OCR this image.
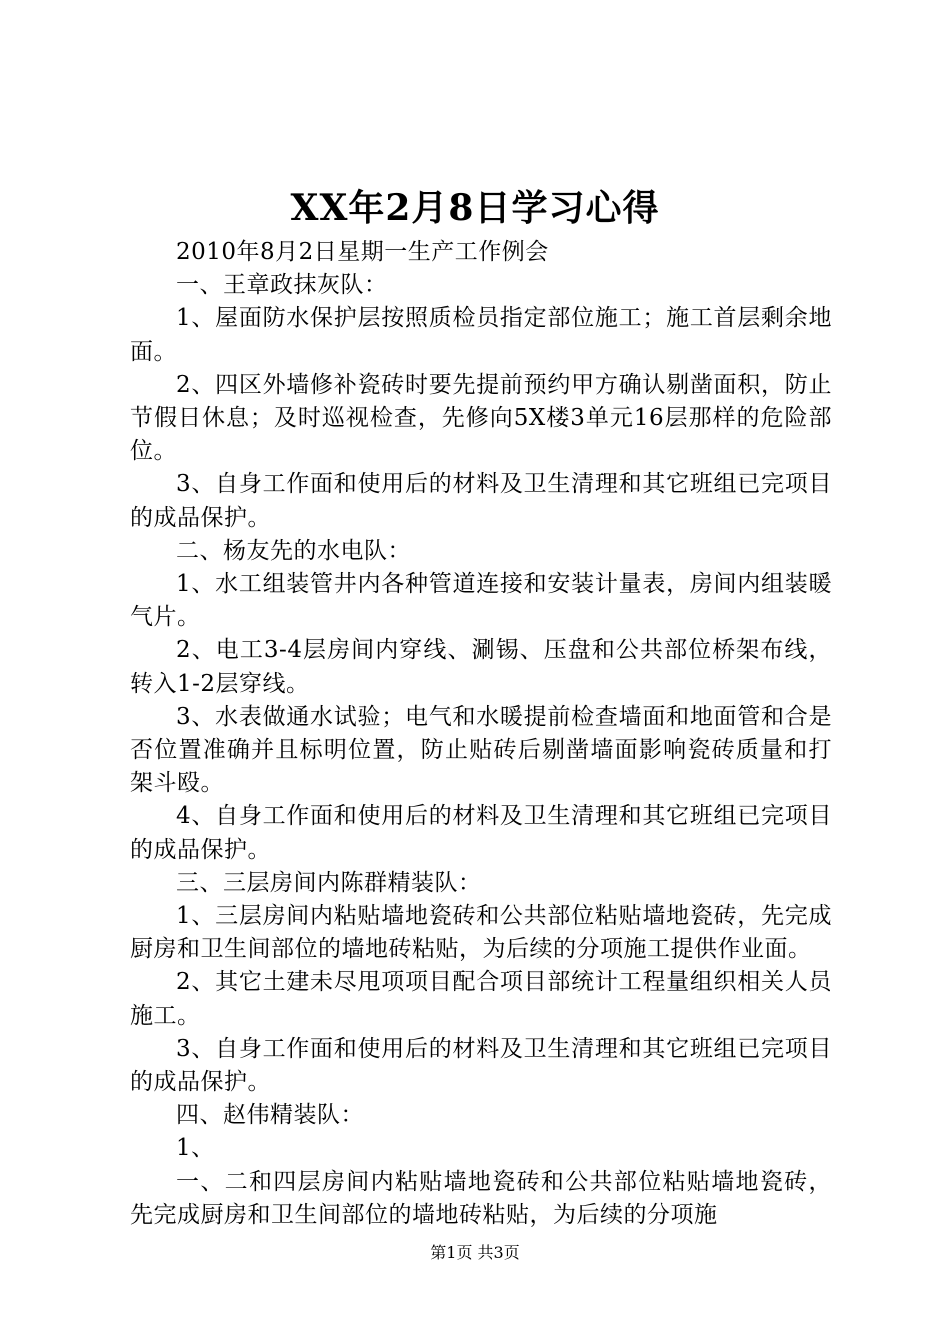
XX年2月8日学习心得

2010年8月2日星期一生产工作例会

一、王章政抹灰队：

1、屋面防水保护层按照质检员指定部位施工；施工首层剩余地面。

2、四区外墙修补瓷砖时要先提前预约甲方确认剔凿面积，防止节假日休息；及时巡视检查，先修向5X楼3单元16层那样的危险部位。

3、自身工作面和使用后的材料及卫生清理和其它班组已完项目的成品保护。

二、杨友先的水电队：

1、水工组装管井内各种管道连接和安装计量表，房间内组装暖气片。

2、电工3-4层房间内穿线、涮锡、压盘和公共部位桥架布线，转入1-2层穿线。

3、水表做通水试验；电气和水暖提前检查墙面和地面管和合是否位置准确并且标明位置，防止贴砖后剔凿墙面影响瓷砖质量和打架斗殴。

4、自身工作面和使用后的材料及卫生清理和其它班组已完项目的成品保护。

三、三层房间内陈群精装队：

1、三层房间内粘贴墙地瓷砖和公共部位粘贴墙地瓷砖，先完成厨房和卫生间部位的墙地砖粘贴，为后续的分项施工提供作业面。

2、其它土建未尽甩项项目配合项目部统计工程量组织相关人员施工。

3、自身工作面和使用后的材料及卫生清理和其它班组已完项目的成品保护。

四、赵伟精装队：

1、

一、二和四层房间内粘贴墙地瓷砖和公共部位粘贴墙地瓷砖，先完成厨房和卫生间部位的墙地砖粘贴，为后续的分项施

第1页 共3页
